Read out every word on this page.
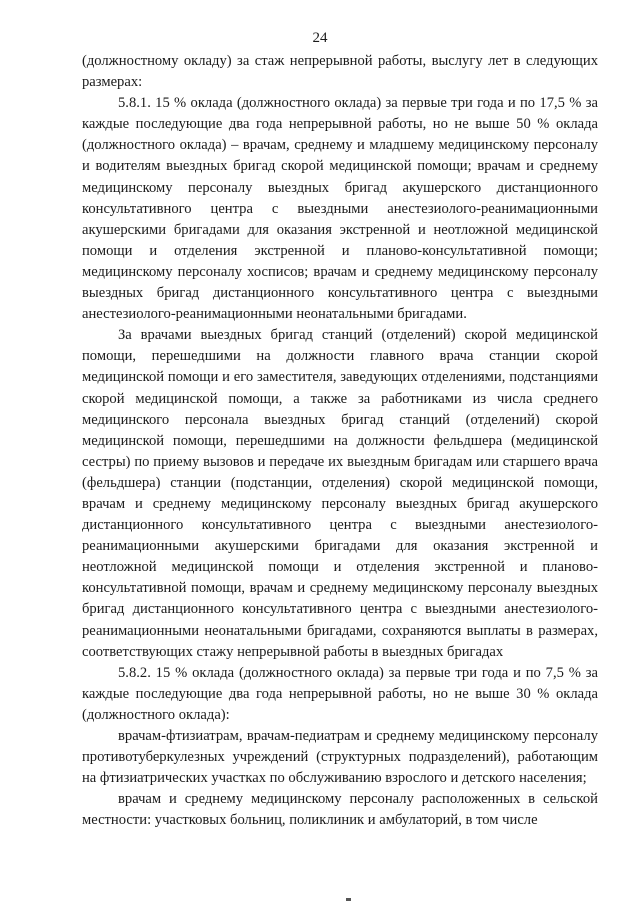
24

(должностному окладу) за стаж непрерывной работы, выслугу лет в следующих размерах:

5.8.1. 15 % оклада (должностного оклада) за первые три года и по 17,5 % за каждые последующие два года непрерывной работы, но не выше 50 % оклада (должностного оклада) – врачам, среднему и младшему медицинскому персоналу и водителям выездных бригад скорой медицинской помощи; врачам и среднему медицинскому персоналу выездных бригад акушерского дистанционного консультативного центра с выездными анестезиолого-реанимационными акушерскими бригадами для оказания экстренной и неотложной медицинской помощи и отделения экстренной и планово-консультативной помощи; медицинскому персоналу хосписов; врачам и среднему медицинскому персоналу выездных бригад дистанционного консультативного центра с выездными анестезиолого-реанимационными неонатальными бригадами.

За врачами выездных бригад станций (отделений) скорой медицинской помощи, перешедшими на должности главного врача станции скорой медицинской помощи и его заместителя, заведующих отделениями, подстанциями скорой медицинской помощи, а также за работниками из числа среднего медицинского персонала выездных бригад станций (отделений) скорой медицинской помощи, перешедшими на должности фельдшера (медицинской сестры) по приему вызовов и передаче их выездным бригадам или старшего врача (фельдшера) станции (подстанции, отделения) скорой медицинской помощи, врачам и среднему медицинскому персоналу выездных бригад акушерского дистанционного консультативного центра с выездными анестезиолого-реанимационными акушерскими бригадами для оказания экстренной и неотложной медицинской помощи и отделения экстренной и планово-консультативной помощи, врачам и среднему медицинскому персоналу выездных бригад дистанционного консультативного центра с выездными анестезиолого-реанимационными неонатальными бригадами, сохраняются выплаты в размерах, соответствующих стажу непрерывной работы в выездных бригадах

5.8.2. 15 % оклада (должностного оклада) за первые три года и по 7,5 % за каждые последующие два года непрерывной работы, но не выше 30 % оклада (должностного оклада):

врачам-фтизиатрам, врачам-педиатрам и среднему медицинскому персоналу противотуберкулезных учреждений (структурных подразделений), работающим на фтизиатрических участках по обслуживанию взрослого и детского населения;

врачам и среднему медицинскому персоналу расположенных в сельской местности: участковых больниц, поликлиник и амбулаторий, в том числе
